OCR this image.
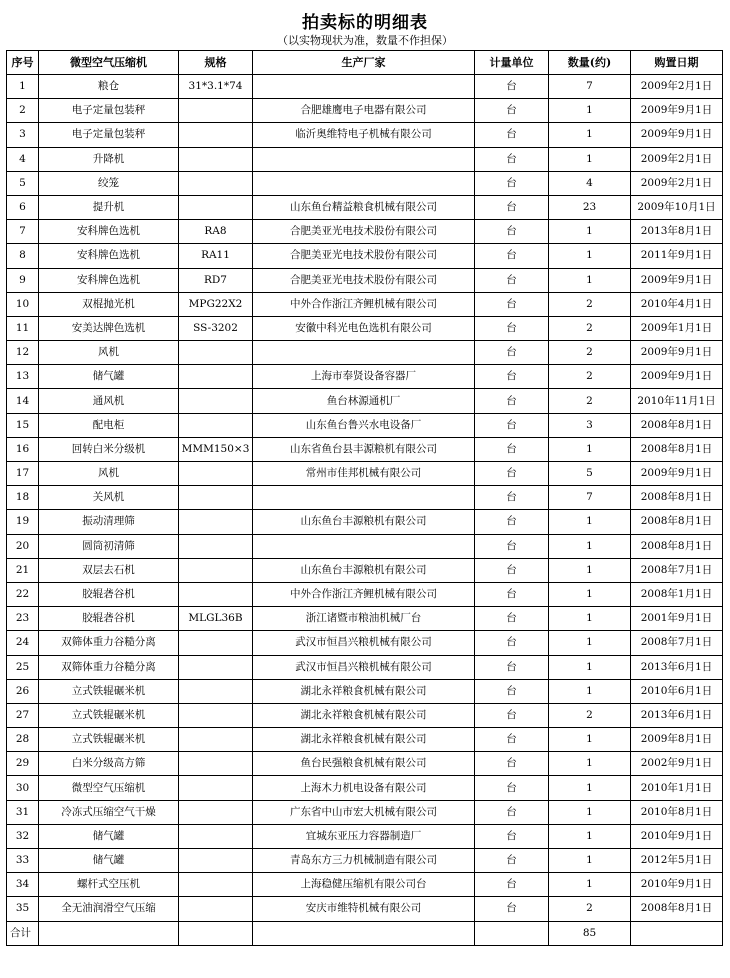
拍卖标的明细表
（以实物现状为准，数量不作担保）
序号	微型空气压缩机	规格	生产厂家	计量单位	数量(约)	购置日期
1	粮仓	31*3.1*74		台	7	2009年2月1日
2	电子定量包装秤		合肥雄鹰电子电器有限公司	台	1	2009年9月1日
3	电子定量包装秤		临沂奥维特电子机械有限公司	台	1	2009年9月1日
4	升降机			台	1	2009年2月1日
5	绞笼			台	4	2009年2月1日
6	提升机		山东鱼台精益粮食机械有限公司	台	23	2009年10月1日
7	安科牌色选机	RA8	合肥美亚光电技术股份有限公司	台	1	2013年8月1日
8	安科牌色选机	RA11	合肥美亚光电技术股份有限公司	台	1	2011年9月1日
9	安科牌色选机	RD7	合肥美亚光电技术股份有限公司	台	1	2009年9月1日
10	双棍抛光机	MPG22X2	中外合作浙江齐鲤机械有限公司	台	2	2010年4月1日
11	安美达牌色选机	SS-3202	安徽中科光电色选机有限公司	台	2	2009年1月1日
12	风机			台	2	2009年9月1日
13	储气罐		上海市奉贤设备容器厂	台	2	2009年9月1日
14	通风机		鱼台林源通机厂	台	2	2010年11月1日
15	配电柜		山东鱼台鲁兴水电设备厂	台	3	2008年8月1日
16	回转白米分级机	MMM150×3	山东省鱼台县丰源粮机有限公司	台	1	2008年8月1日
17	风机		常州市佳邦机械有限公司	台	5	2009年9月1日
18	关风机			台	7	2008年8月1日
19	振动清理筛		山东鱼台丰源粮机有限公司	台	1	2008年8月1日
20	圆筒初清筛			台	1	2008年8月1日
21	双层去石机		山东鱼台丰源粮机有限公司	台	1	2008年7月1日
22	胶辊砻谷机		中外合作浙江齐鲤机械有限公司	台	1	2008年1月1日
23	胶辊砻谷机	MLGL36B	浙江诸暨市粮油机械厂台	台	1	2001年9月1日
24	双筛体重力谷糙分离		武汉市恒昌兴粮机械有限公司	台	1	2008年7月1日
25	双筛体重力谷糙分离		武汉市恒昌兴粮机械有限公司	台	1	2013年6月1日
26	立式铁辊碾米机		湖北永祥粮食机械有限公司	台	1	2010年6月1日
27	立式铁辊碾米机		湖北永祥粮食机械有限公司	台	2	2013年6月1日
28	立式铁辊碾米机		湖北永祥粮食机械有限公司	台	1	2009年8月1日
29	白米分级高方筛		鱼台民强粮食机械有限公司	台	1	2002年9月1日
30	微型空气压缩机		上海木力机电设备有限公司	台	1	2010年1月1日
31	冷冻式压缩空气干燥		广东省中山市宏大机械有限公司	台	1	2010年8月1日
32	储气罐		宜城东亚压力容器制造厂	台	1	2010年9月1日
33	储气罐		青岛东方三力机械制造有限公司	台	1	2012年5月1日
34	螺杆式空压机		上海稳健压缩机有限公司台	台	1	2010年9月1日
35	全无油润滑空气压缩		安庆市维特机械有限公司	台	2	2008年8月1日
合计					85	
